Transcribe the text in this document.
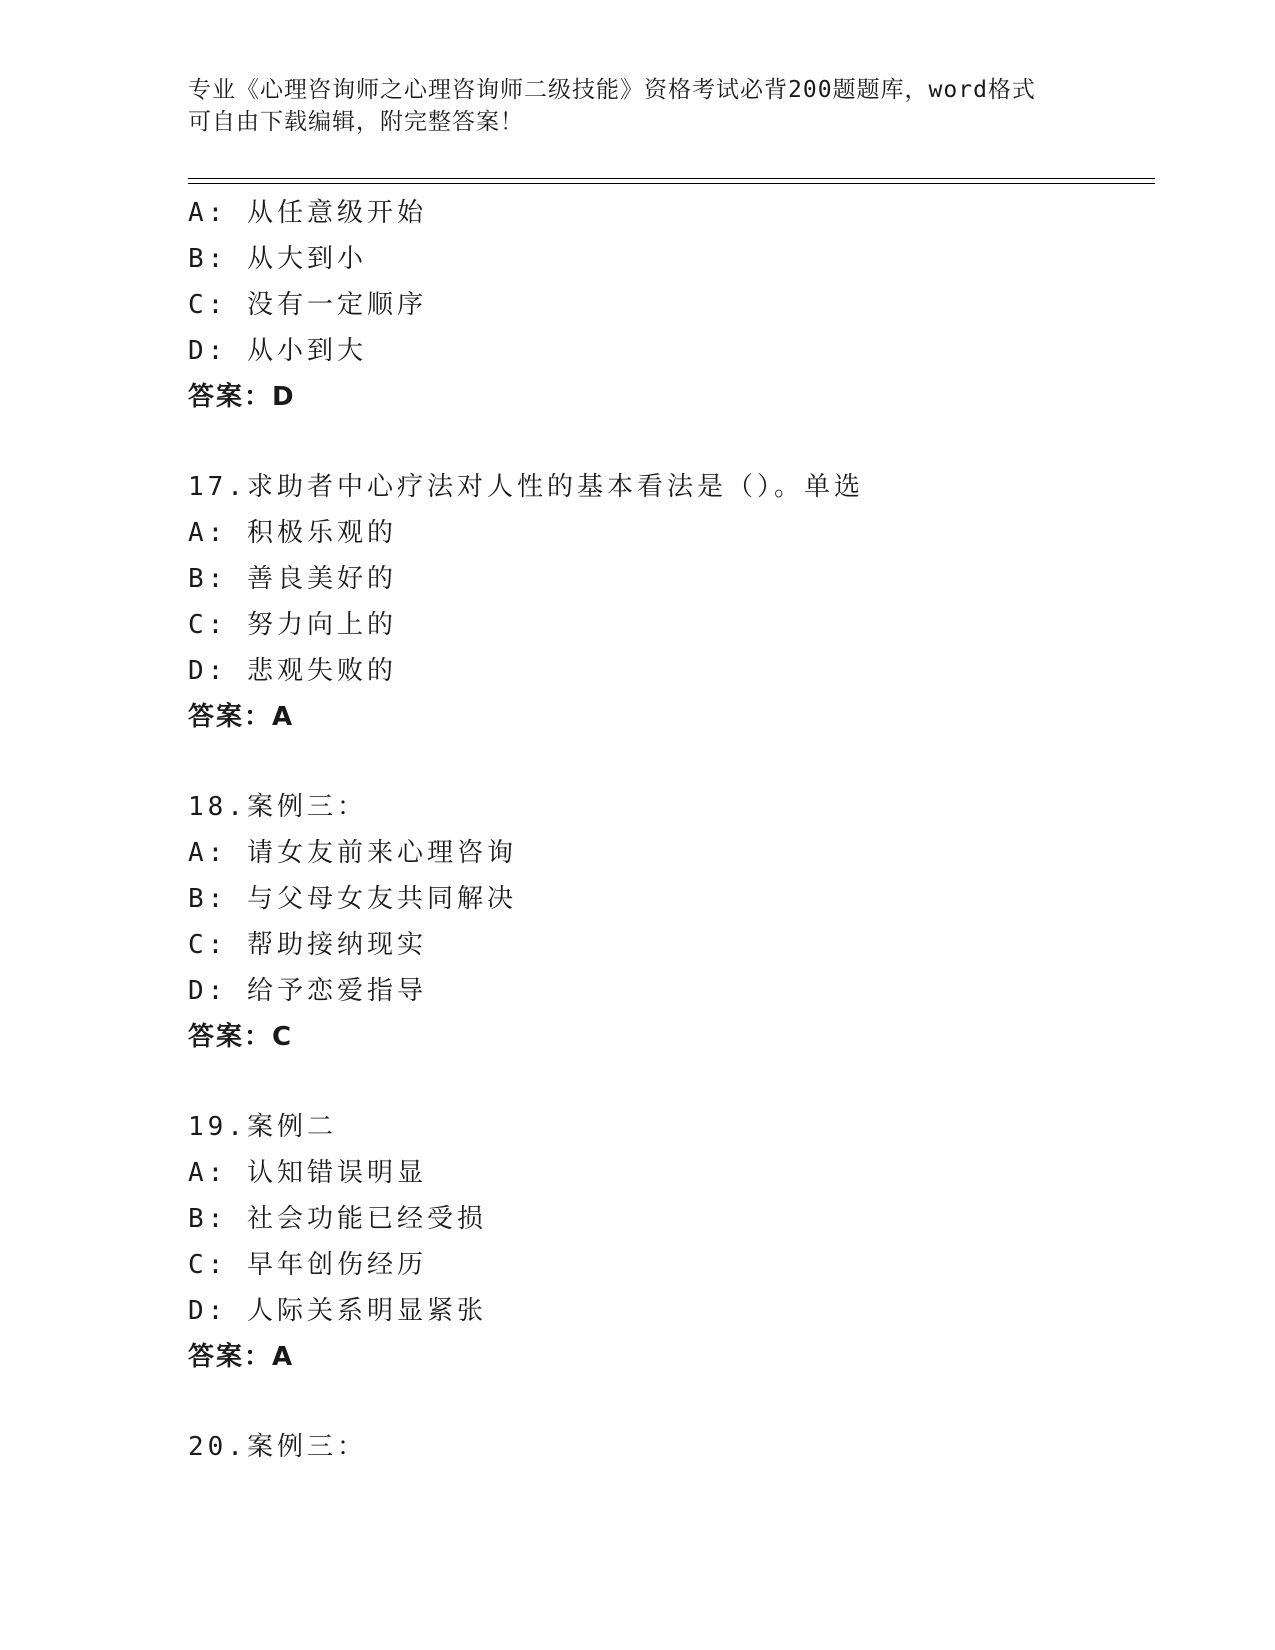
专业《心理咨询师之心理咨询师二级技能》资格考试必背200题题库，word格式
可自由下载编辑，附完整答案！
A: 从任意级开始
B: 从大到小
C: 没有一定顺序
D: 从小到大
答案：D
17.求助者中心疗法对人性的基本看法是（）。单选
A: 积极乐观的
B: 善良美好的
C: 努力向上的
D: 悲观失败的
答案：A
18.案例三：
A: 请女友前来心理咨询
B: 与父母女友共同解决
C: 帮助接纳现实
D: 给予恋爱指导
答案：C
19.案例二
A: 认知错误明显
B: 社会功能已经受损
C: 早年创伤经历
D: 人际关系明显紧张
答案：A
20.案例三：
